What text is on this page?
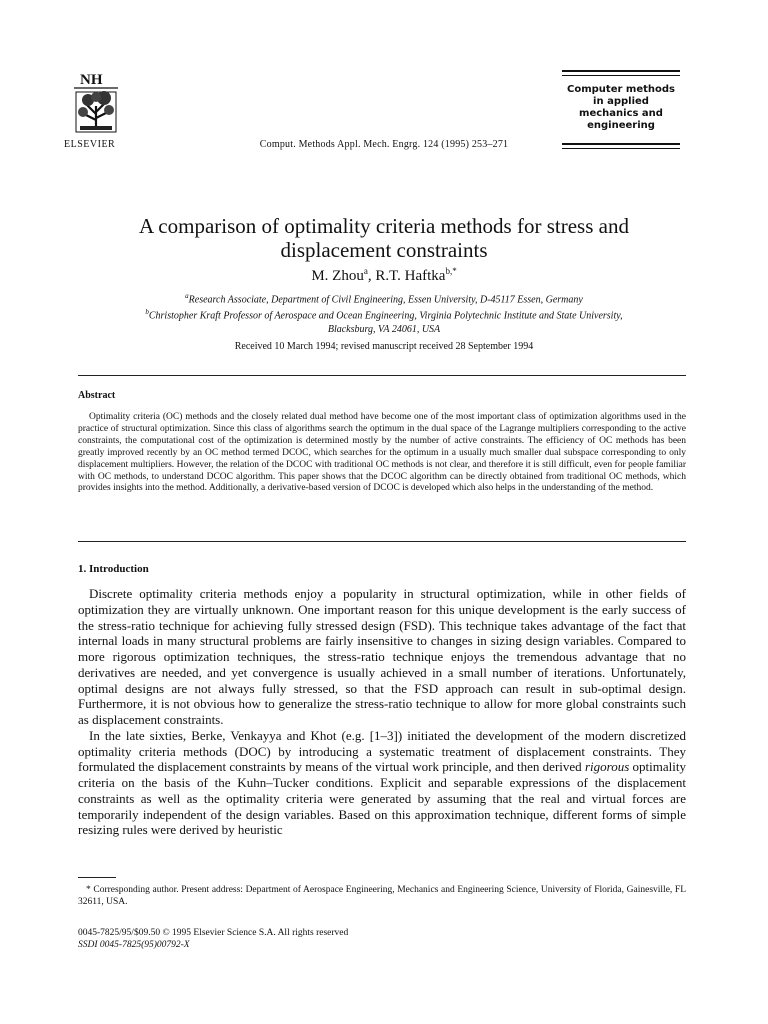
NH
ELSEVIER	Comput. Methods Appl. Mech. Engrg. 124 (1995) 253–271
Computer methods
in applied
mechanics and
engineering
A comparison of optimality criteria methods for stress and
displacement constraints
M. Zhou$^a$, R.T. Haftka$^{b,*}$
$^a$Research Associate, Department of Civil Engineering, Essen University, D-45117 Essen, Germany
$^b$Christopher Kraft Professor of Aerospace and Ocean Engineering, Virginia Polytechnic Institute and State University,
Blacksburg, VA 24061, USA
Received 10 March 1994; revised manuscript received 28 September 1994
Abstract

Optimality criteria (OC) methods and the closely related dual method have become one of the most important class of optimization algorithms used in the practice of structural optimization. Since this class of algorithms search the optimum in the dual space of the Lagrange multipliers corresponding to the active constraints, the computational cost of the optimization is determined mostly by the number of active constraints. The efficiency of OC methods has been greatly improved recently by an OC method termed DCOC, which searches for the optimum in a usually much smaller dual subspace corresponding to only displacement multipliers. However, the relation of the DCOC with traditional OC methods is not clear, and therefore it is still difficult, even for people familiar with OC methods, to understand DCOC algorithm. This paper shows that the DCOC algorithm can be directly obtained from traditional OC methods, which provides insights into the method. Additionally, a derivative-based version of DCOC is developed which also helps in the understanding of the method.

1. Introduction

Discrete optimality criteria methods enjoy a popularity in structural optimization, while in other fields of optimization they are virtually unknown. One important reason for this unique development is the early success of the stress-ratio technique for achieving fully stressed design (FSD). This technique takes advantage of the fact that internal loads in many structural problems are fairly insensitive to changes in sizing design variables. Compared to more rigorous optimization techniques, the stress-ratio technique enjoys the tremendous advantage that no derivatives are needed, and yet convergence is usually achieved in a small number of iterations. Unfortunately, optimal designs are not always fully stressed, so that the FSD approach can result in sub-optimal design. Furthermore, it is not obvious how to generalize the stress-ratio technique to allow for more global constraints such as displacement constraints.

In the late sixties, Berke, Venkayya and Khot (e.g. [1–3]) initiated the development of the modern discretized optimality criteria methods (DOC) by introducing a systematic treatment of displacement constraints. They formulated the displacement constraints by means of the virtual work principle, and then derived rigorous optimality criteria on the basis of the Kuhn–Tucker conditions. Explicit and separable expressions of the displacement constraints as well as the optimality criteria were generated by assuming that the real and virtual forces are temporarily independent of the design variables. Based on this approximation technique, different forms of simple resizing rules were derived by heuristic

* Corresponding author. Present address: Department of Aerospace Engineering, Mechanics and Engineering Science, University of Florida, Gainesville, FL 32611, USA.
0045-7825/95/$09.50 © 1995 Elsevier Science S.A. All rights reserved
SSDI 0045-7825(95)00792-X
